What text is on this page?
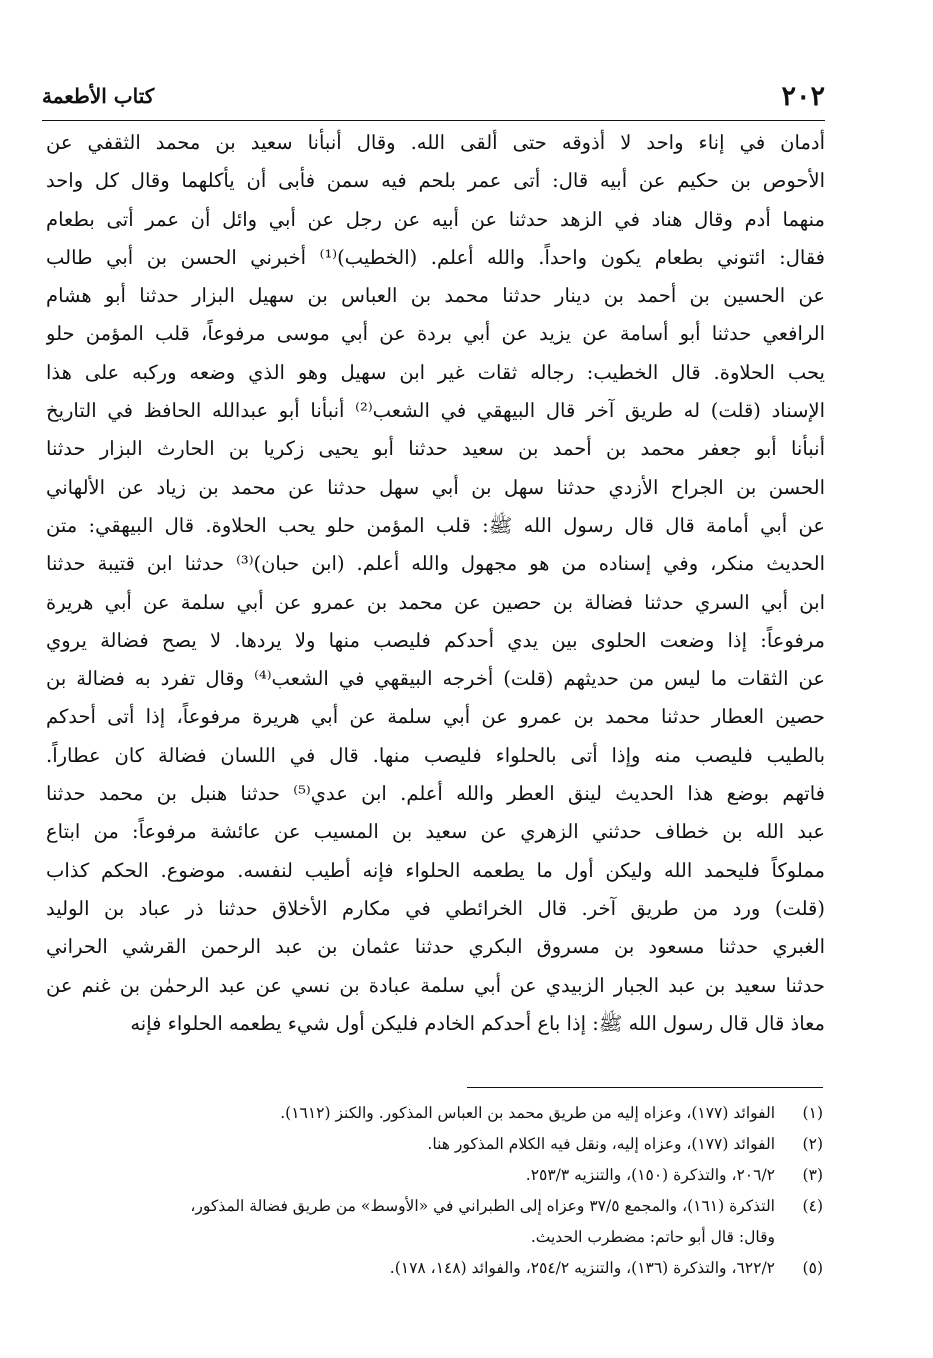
٢٠٢
كتاب الأطعمة
أدمان في إناء واحد لا أذوقه حتى ألقى الله. وقال أنبأنا سعيد بن محمد الثقفي عن
الأحوص بن حكيم عن أبيه قال: أتى عمر بلحم فيه سمن فأبى أن يأكلهما وقال كل واحد
منهما أدم وقال هناد في الزهد حدثنا عن أبيه عن رجل عن أبي وائل أن عمر أتى بطعام
فقال: ائتوني بطعام يكون واحداً. والله أعلم. (الخطيب)⁽¹⁾ أخبرني الحسن بن أبي طالب
عن الحسين بن أحمد بن دينار حدثنا محمد بن العباس بن سهيل البزار حدثنا أبو هشام
الرافعي حدثنا أبو أسامة عن يزيد عن أبي بردة عن أبي موسى مرفوعاً، قلب المؤمن حلو
يحب الحلاوة. قال الخطيب: رجاله ثقات غير ابن سهيل وهو الذي وضعه وركبه على هذا
الإسناد (قلت) له طريق آخر قال البيهقي في الشعب⁽²⁾ أنبأنا أبو عبدالله الحافظ في التاريخ
أنبأنا أبو جعفر محمد بن أحمد بن سعيد حدثنا أبو يحيى زكريا بن الحارث البزار حدثنا
الحسن بن الجراح الأزدي حدثنا سهل بن أبي سهل حدثنا عن محمد بن زياد عن الألهاني
عن أبي أمامة قال قال رسول الله ﷺ: قلب المؤمن حلو يحب الحلاوة. قال البيهقي: متن
الحديث منكر، وفي إسناده من هو مجهول والله أعلم. (ابن حبان)⁽³⁾ حدثنا ابن قتيبة حدثنا
ابن أبي السري حدثنا فضالة بن حصين عن محمد بن عمرو عن أبي سلمة عن أبي هريرة
مرفوعاً: إذا وضعت الحلوى بين يدي أحدكم فليصب منها ولا يردها. لا يصح فضالة يروي
عن الثقات ما ليس من حديثهم (قلت) أخرجه البيقهي في الشعب⁽⁴⁾ وقال تفرد به فضالة بن
حصين العطار حدثنا محمد بن عمرو عن أبي سلمة عن أبي هريرة مرفوعاً، إذا أتى أحدكم
بالطيب فليصب منه وإذا أتى بالحلواء فليصب منها. قال في اللسان فضالة كان عطاراً.
فاتهم بوضع هذا الحديث لينق العطر والله أعلم. ابن عدي⁽⁵⁾ حدثنا هنبل بن محمد حدثنا
عبد الله بن خطاف حدثني الزهري عن سعيد بن المسيب عن عائشة مرفوعاً: من ابتاع
مملوكاً فليحمد الله وليكن أول ما يطعمه الحلواء فإنه أطيب لنفسه. موضوع. الحكم كذاب
(قلت) ورد من طريق آخر. قال الخرائطي في مكارم الأخلاق حدثنا ذر عباد بن الوليد
الغبري حدثنا مسعود بن مسروق البكري حدثنا عثمان بن عبد الرحمن القرشي الحراني
حدثنا سعيد بن عبد الجبار الزبيدي عن أبي سلمة عبادة بن نسي عن عبد الرحمٰن بن غنم عن
معاذ قال قال رسول الله ﷺ: إذا باع أحدكم الخادم فليكن أول شيء يطعمه الحلواء فإنه
(١)
الفوائد (١٧٧)، وعزاه إليه من طريق محمد بن العباس المذكور. والكنز (١٦١٢).
(٢)
الفوائد (١٧٧)، وعزاه إليه، ونقل فيه الكلام المذكور هنا.
(٣)
٢٠٦/٢، والتذكرة (١٥٠)، والتنزيه ٢٥٣/٣.
(٤)
التذكرة (١٦١)، والمجمع ٣٧/٥ وعزاه إلى الطبراني في «الأوسط» من طريق فضالة المذكور،
وقال: قال أبو حاتم: مضطرب الحديث.
(٥)
٦٢٢/٢، والتذكرة (١٣٦)، والتنزيه ٢٥٤/٢، والفوائد (١٤٨، ١٧٨).
